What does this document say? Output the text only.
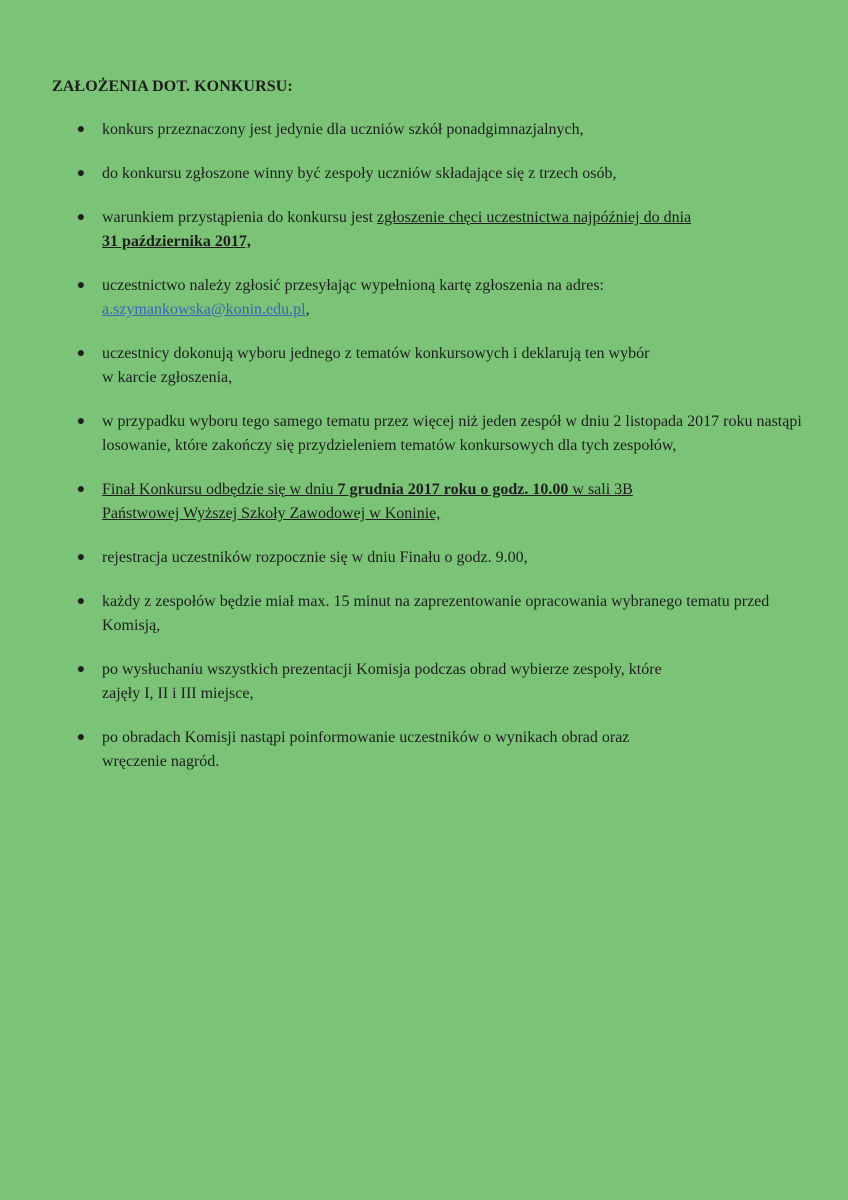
ZAŁOŻENIA DOT. KONKURSU:
● konkurs przeznaczony jest jedynie dla uczniów szkół ponadgimnazjalnych,
● do konkursu zgłoszone winny być zespoły uczniów składające się z trzech osób,
● warunkiem przystąpienia do konkursu jest zgłoszenie chęci uczestnictwa najpóźniej do dnia
31 października 2017,
● uczestnictwo należy zgłosić przesyłając wypełnioną kartę zgłoszenia na adres:
a.szymankowska@konin.edu.pl,
● uczestnicy dokonują wyboru jednego z tematów konkursowych i deklarują ten wybór
w karcie zgłoszenia,
● w przypadku wyboru tego samego tematu przez więcej niż jeden zespół w dniu 2 listopada 2017 roku nastąpi losowanie, które zakończy się przydzieleniem tematów konkursowych dla tych zespołów,
● Finał Konkursu odbędzie się w dniu 7 grudnia 2017 roku o godz. 10.00 w sali 3B
Państwowej Wyższej Szkoły Zawodowej w Koninie,
● rejestracja uczestników rozpocznie się w dniu Finału o godz. 9.00,
● każdy z zespołów będzie miał max. 15 minut na zaprezentowanie opracowania wybranego tematu przed Komisją,
● po wysłuchaniu wszystkich prezentacji Komisja podczas obrad wybierze zespoły, które
zajęły I, II i III miejsce,
● po obradach Komisji nastąpi poinformowanie uczestników o wynikach obrad oraz
wręczenie nagród.
